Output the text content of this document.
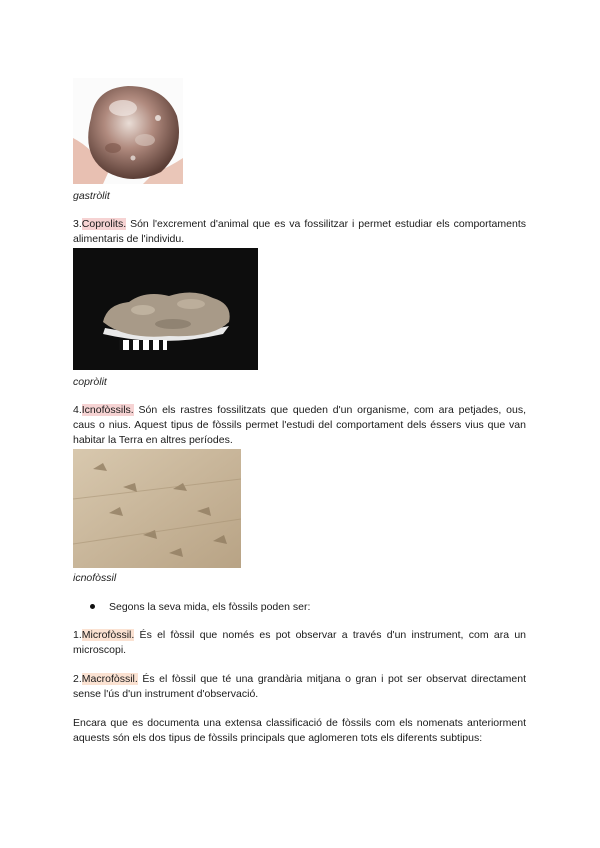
gastròlit

3.Coprolits. Són l'excrement d'animal que es va fossilitzar i permet estudiar els comportaments alimentaris de l'individu.

copròlit

4.Icnofòssils. Són els rastres fossilitzats que queden d'un organisme, com ara petjades, ous, caus o nius. Aquest tipus de fòssils permet l'estudi del comportament dels éssers vius que van habitar la Terra en altres períodes.

icnofòssil
Segons la seva mida, els fòssils poden ser:

1.Microfòssil. És el fòssil que només es pot observar a través d'un instrument, com ara un microscopi.

2.Macrofòssil. És el fòssil que té una grandària mitjana o gran i pot ser observat directament sense l'ús d'un instrument d'observació.

Encara que es documenta una extensa classificació de fòssils com els nomenats anteriorment aquests són els dos tipus de fòssils principals que aglomeren tots els diferents subtipus:
